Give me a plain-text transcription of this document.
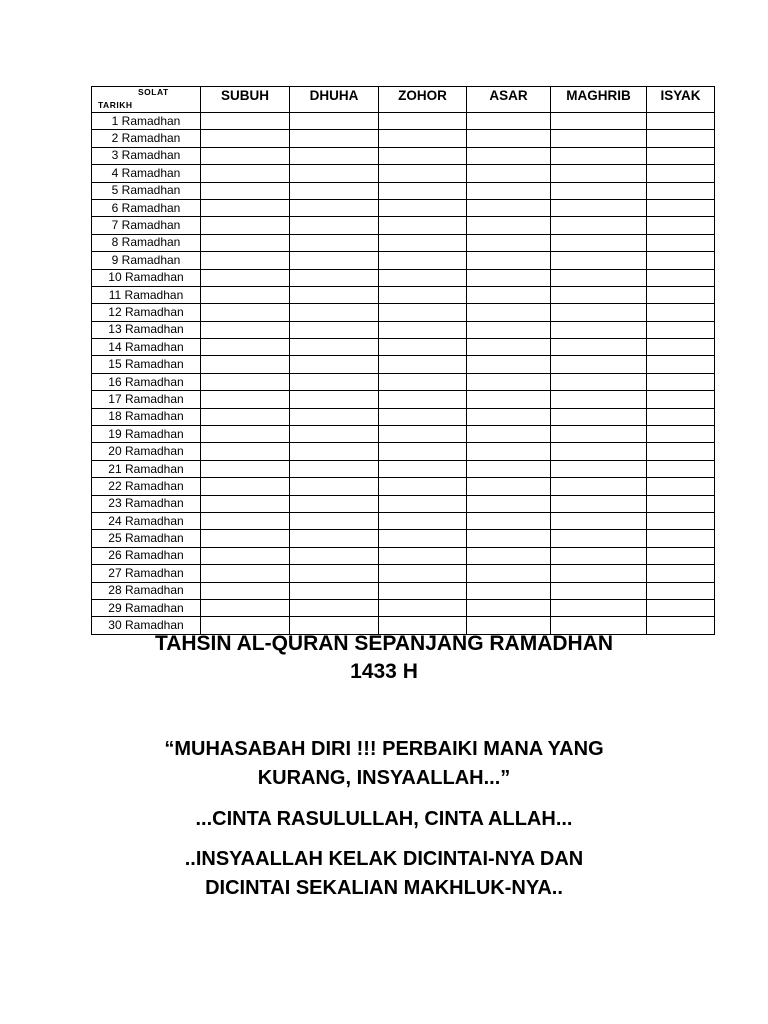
SOLAT
TARIKH	SUBUH	DHUHA	ZOHOR	ASAR	MAGHRIB	ISYAK
1 Ramadhan						
2 Ramadhan						
3 Ramadhan						
4 Ramadhan						
5 Ramadhan						
6 Ramadhan						
7 Ramadhan						
8 Ramadhan						
9 Ramadhan						
10 Ramadhan						
11 Ramadhan						
12 Ramadhan						
13 Ramadhan						
14 Ramadhan						
15 Ramadhan						
16 Ramadhan						
17 Ramadhan						
18 Ramadhan						
19 Ramadhan						
20 Ramadhan						
21 Ramadhan						
22 Ramadhan						
23 Ramadhan						
24 Ramadhan						
25 Ramadhan						
26 Ramadhan						
27 Ramadhan						
28 Ramadhan						
29 Ramadhan						
30 Ramadhan						

TAHSIN AL-QURAN SEPANJANG RAMADHAN
1433 H

“MUHASABAH DIRI !!! PERBAIKI MANA YANG
KURANG, INSYAALLAH...”

...CINTA RASULULLAH, CINTA ALLAH...

..INSYAALLAH KELAK DICINTAI-NYA DAN
DICINTAI SEKALIAN MAKHLUK-NYA..
